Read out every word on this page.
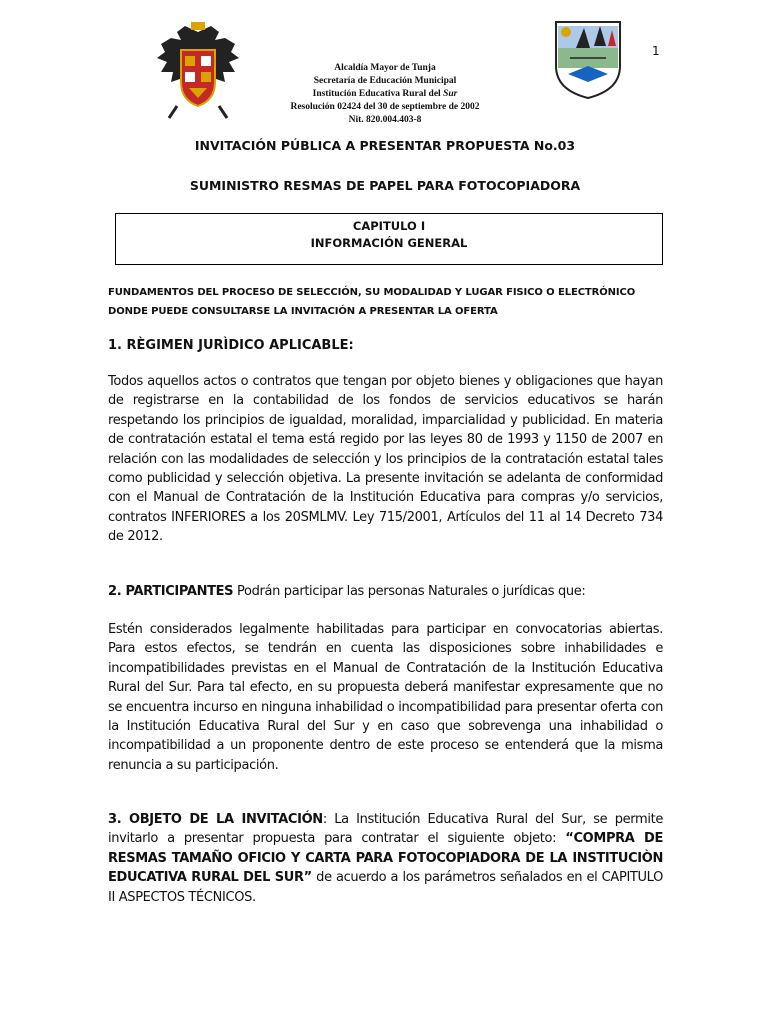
1
Alcaldía Mayor de Tunja
Secretaría de Educación Municipal
Institución Educativa Rural del Sur
Resolución 02424 del 30 de septiembre de 2002
Nit. 820.004.403-8
INVITACIÓN PÚBLICA A PRESENTAR PROPUESTA No.03
SUMINISTRO RESMAS DE PAPEL PARA FOTOCOPIADORA
CAPITULO I
INFORMACIÓN GENERAL
FUNDAMENTOS DEL PROCESO DE SELECCIÓN, SU MODALIDAD Y LUGAR FISICO O ELECTRÓNICO DONDE PUEDE CONSULTARSE LA INVITACIÓN A PRESENTAR LA OFERTA
1. RÈGIMEN JURÌDICO APLICABLE:
Todos aquellos actos o contratos que tengan por objeto bienes y obligaciones que hayan de registrarse en la contabilidad de los fondos de servicios educativos se harán respetando los principios de igualdad, moralidad, imparcialidad y publicidad. En materia de contratación estatal el tema está regido por las leyes 80 de 1993 y 1150 de 2007 en relación con las modalidades de selección y los principios de la contratación estatal tales como publicidad y selección objetiva. La presente invitación se adelanta de conformidad con el Manual de Contratación de la Institución Educativa para compras y/o servicios, contratos INFERIORES a los 20SMLMV. Ley 715/2001, Artículos del 11 al 14 Decreto 734 de 2012.
2. PARTICIPANTES Podrán participar las personas Naturales o jurídicas que:
Estén considerados legalmente habilitadas para participar en convocatorias abiertas. Para estos efectos, se tendrán en cuenta las disposiciones sobre inhabilidades e incompatibilidades previstas en el Manual de Contratación de la Institución Educativa Rural del Sur. Para tal efecto, en su propuesta deberá manifestar expresamente que no se encuentra incurso en ninguna inhabilidad o incompatibilidad para presentar oferta con la Institución Educativa Rural del Sur y en caso que sobrevenga una inhabilidad o incompatibilidad a un proponente dentro de este proceso se entenderá que la misma renuncia a su participación.
3. OBJETO DE LA INVITACIÓN: La Institución Educativa Rural del Sur, se permite invitarlo a presentar propuesta para contratar el siguiente objeto: “COMPRA DE RESMAS TAMAÑO OFICIO Y CARTA PARA FOTOCOPIADORA DE LA INSTITUCIÒN EDUCATIVA RURAL DEL SUR” de acuerdo a los parámetros señalados en el CAPITULO II ASPECTOS TÉCNICOS.
